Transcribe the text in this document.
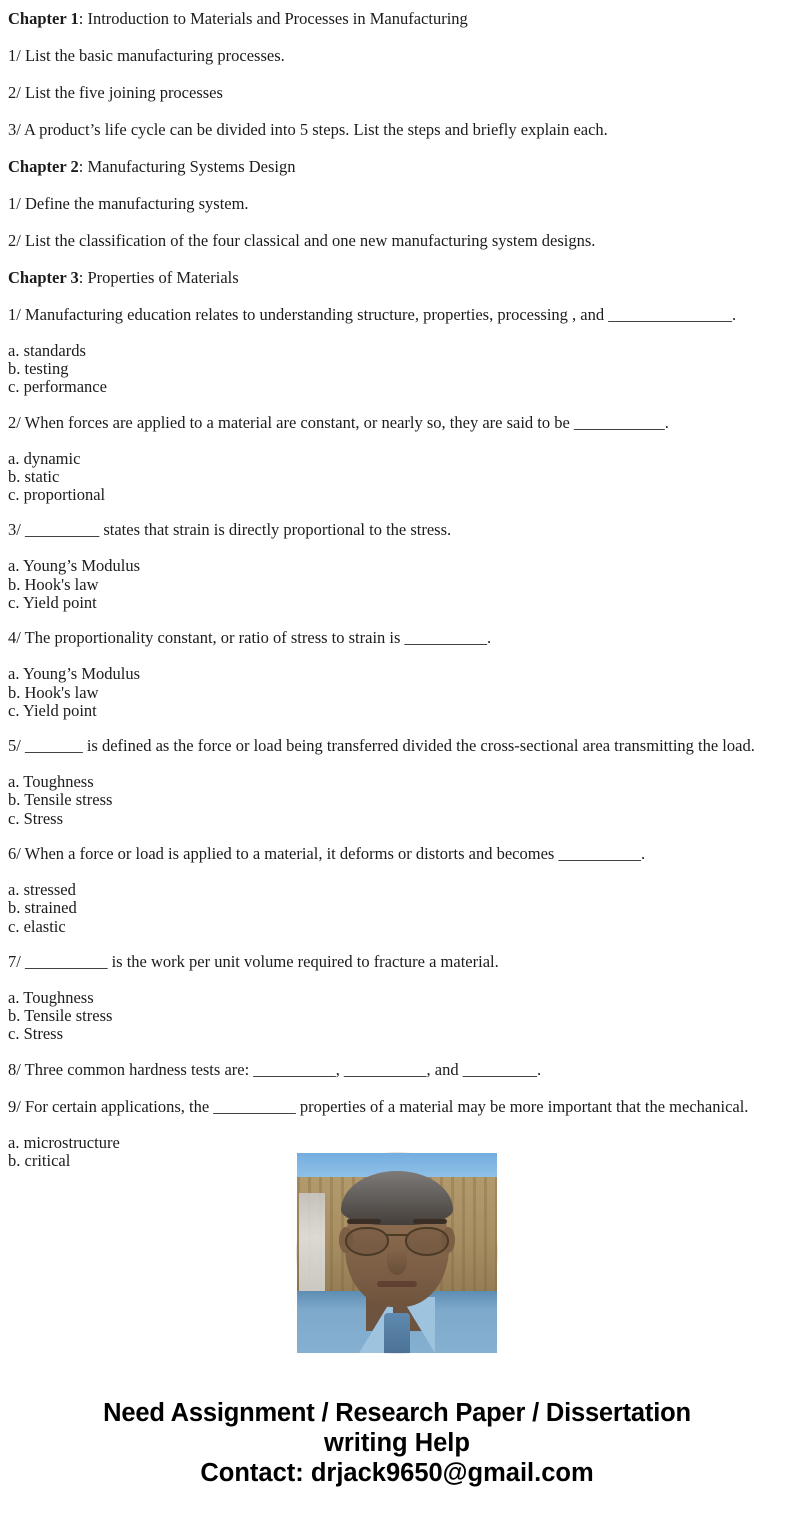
Chapter 1: Introduction to Materials and Processes in Manufacturing

1/ List the basic manufacturing processes.

2/ List the five joining processes

3/ A product’s life cycle can be divided into 5 steps. List the steps and briefly explain each.

Chapter 2: Manufacturing Systems Design

1/ Define the manufacturing system.

2/ List the classification of the four classical and one new manufacturing system designs.

Chapter 3: Properties of Materials

1/ Manufacturing education relates to understanding structure, properties, processing , and _______________.

a. standards
b. testing
c. performance

2/ When forces are applied to a material are constant, or nearly so, they are said to be ___________.

a. dynamic
b. static
c. proportional

3/ _________ states that strain is directly proportional to the stress.

a. Young’s Modulus
b. Hook's law
c. Yield point

4/ The proportionality constant, or ratio of stress to strain is __________.

a. Young’s Modulus
b. Hook's law
c. Yield point

5/ _______ is defined as the force or load being transferred divided the cross-sectional area transmitting the load.

a. Toughness
b. Tensile stress
c. Stress

6/ When a force or load is applied to a material, it deforms or distorts and becomes __________.

a. stressed
b. strained
c. elastic

7/ __________ is the work per unit volume required to fracture a material.

a. Toughness
b. Tensile stress
c. Stress

8/ Three common hardness tests are: __________, __________, and _________.

9/ For certain applications, the __________ properties of a material may be more important that the mechanical.

a. microstructure
b. critical
Need Assignment / Research Paper / Dissertation
writing Help
Contact: drjack9650@gmail.com
